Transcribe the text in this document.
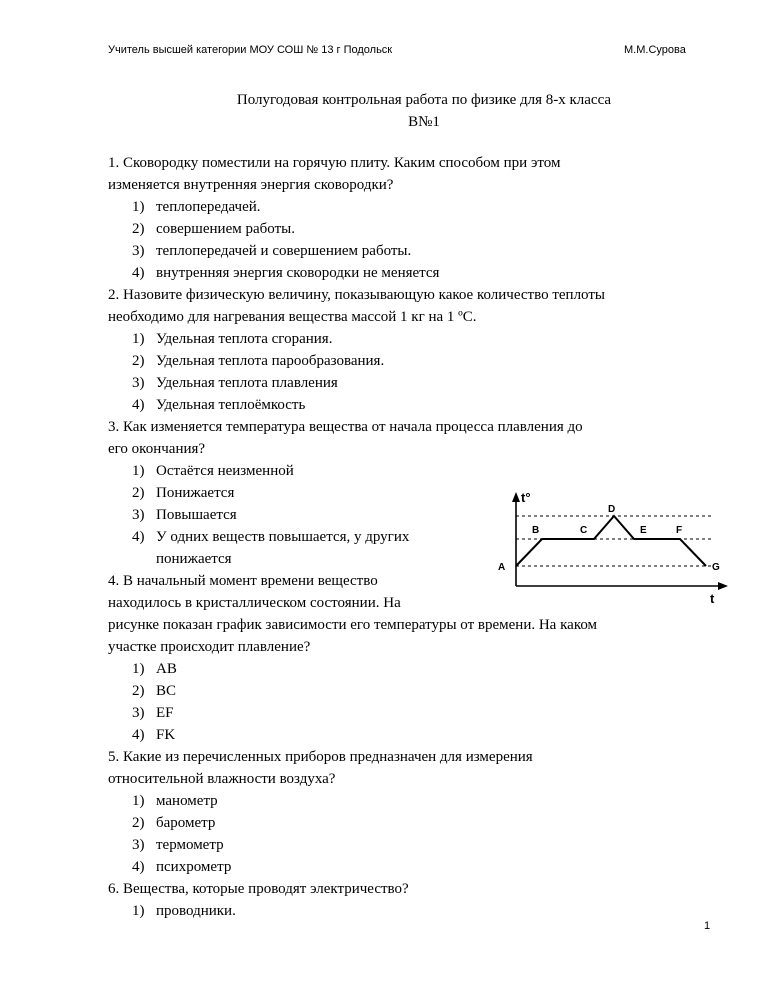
Учитель высшей категории МОУ СОШ № 13 г Подольск	М.М.Сурова
Полугодовая контрольная работа по физике для 8-х класса
В№1
1. Сковородку поместили на горячую плиту. Каким способом при этом
изменяется внутренняя энергия сковородки?
1) теплопередачей.
2) совершением работы.
3) теплопередачей и совершением работы.
4) внутренняя энергия сковородки не меняется
2. Назовите физическую величину, показывающую какое количество теплоты
необходимо для нагревания вещества массой 1 кг на 1 ºС.
1) Удельная теплота сгорания.
2) Удельная теплота парообразования.
3) Удельная теплота плавления
4) Удельная теплоёмкость
3. Как изменяется температура вещества от начала процесса плавления до
его окончания?
1) Остаётся неизменной
2) Понижается
3) Повышается
4) У одних веществ повышается, у других
понижается
4. В начальный момент времени вещество
находилось в кристаллическом состоянии. На
рисунке показан график зависимости его температуры от времени. На каком
участке происходит плавление?
1) AB
2) BC
3) EF
4) FK
5. Какие из перечисленных приборов предназначен для измерения
относительной влажности воздуха?
1) манометр
2) барометр
3) термометр
4) психрометр
6. Вещества, которые проводят электричество?
1) проводники.
t°
t
A
B	C
D
E	F
G
1
